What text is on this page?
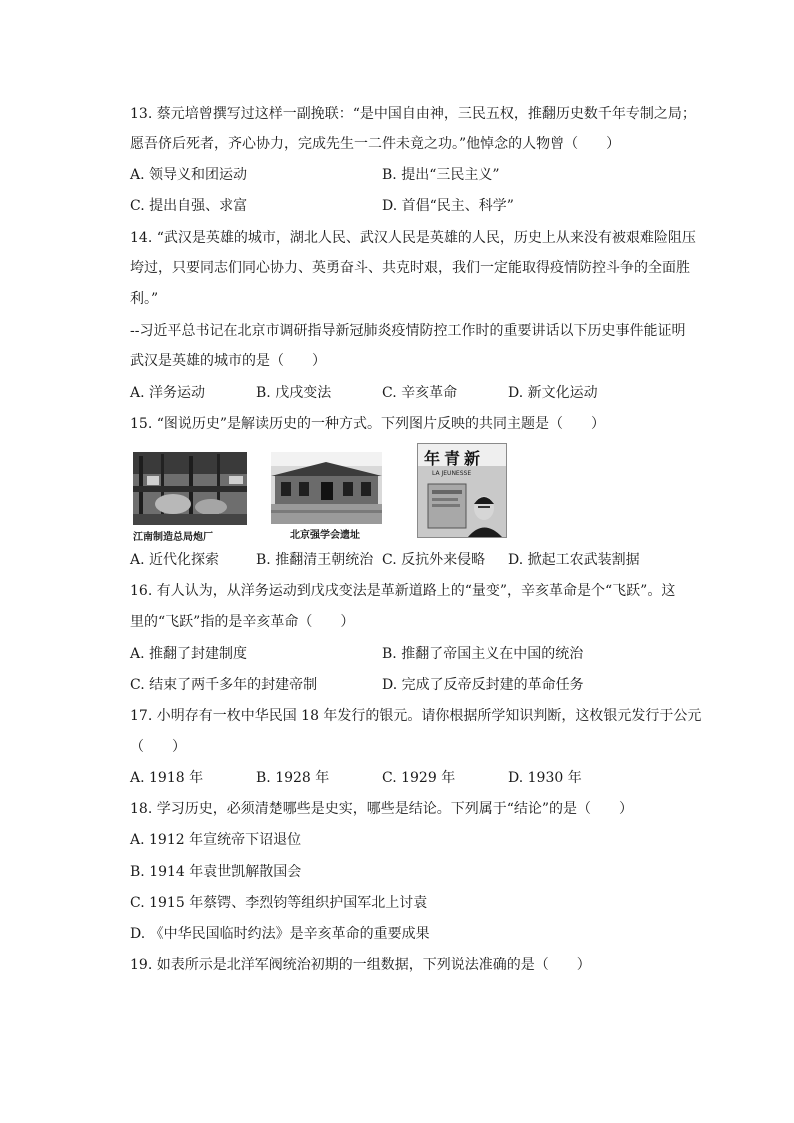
13. 蔡元培曾撰写过这样一副挽联：“是中国自由神，三民五权，推翻历史数千年专制之局；
愿吾侪后死者，齐心协力，完成先生一二件未竟之功。”他悼念的人物曾（　　）
A. 领导义和团运动	B. 提出“三民主义”
C. 提出自强、求富	D. 首倡“民主、科学”
14. “武汉是英雄的城市，湖北人民、武汉人民是英雄的人民，历史上从来没有被艰难险阻压
垮过，只要同志们同心协力、英勇奋斗、共克时艰，我们一定能取得疫情防控斗争的全面胜
利。”
--习近平总书记在北京市调研指导新冠肺炎疫情防控工作时的重要讲话以下历史事件能证明
武汉是英雄的城市的是（　　）
A. 洋务运动	B. 戊戌变法	C. 辛亥革命	D. 新文化运动
15. “图说历史”是解读历史的一种方式。下列图片反映的共同主题是（　　）
江南制造总局炮厂	北京强学会遗址
年青新
LA JEUNESSE
A. 近代化探索	B. 推翻清王朝统治 C. 反抗外来侵略 D. 掀起工农武装割据
16. 有人认为，从洋务运动到戊戌变法是革新道路上的“量变”，辛亥革命是个“飞跃”。这
里的“飞跃”指的是辛亥革命（　　）
A. 推翻了封建制度	B. 推翻了帝国主义在中国的统治
C. 结束了两千多年的封建帝制	D. 完成了反帝反封建的革命任务
17. 小明存有一枚中华民国 18 年发行的银元。请你根据所学知识判断，这枚银元发行于公元
（　　）
A. 1918 年	B. 1928 年	C. 1929 年	D. 1930 年
18. 学习历史，必须清楚哪些是史实，哪些是结论。下列属于“结论”的是（　　）
A. 1912 年宣统帝下诏退位
B. 1914 年袁世凯解散国会
C. 1915 年蔡锷、李烈钧等组织护国军北上讨袁
D. 《中华民国临时约法》是辛亥革命的重要成果
19. 如表所示是北洋军阀统治初期的一组数据，下列说法准确的是（　　）
